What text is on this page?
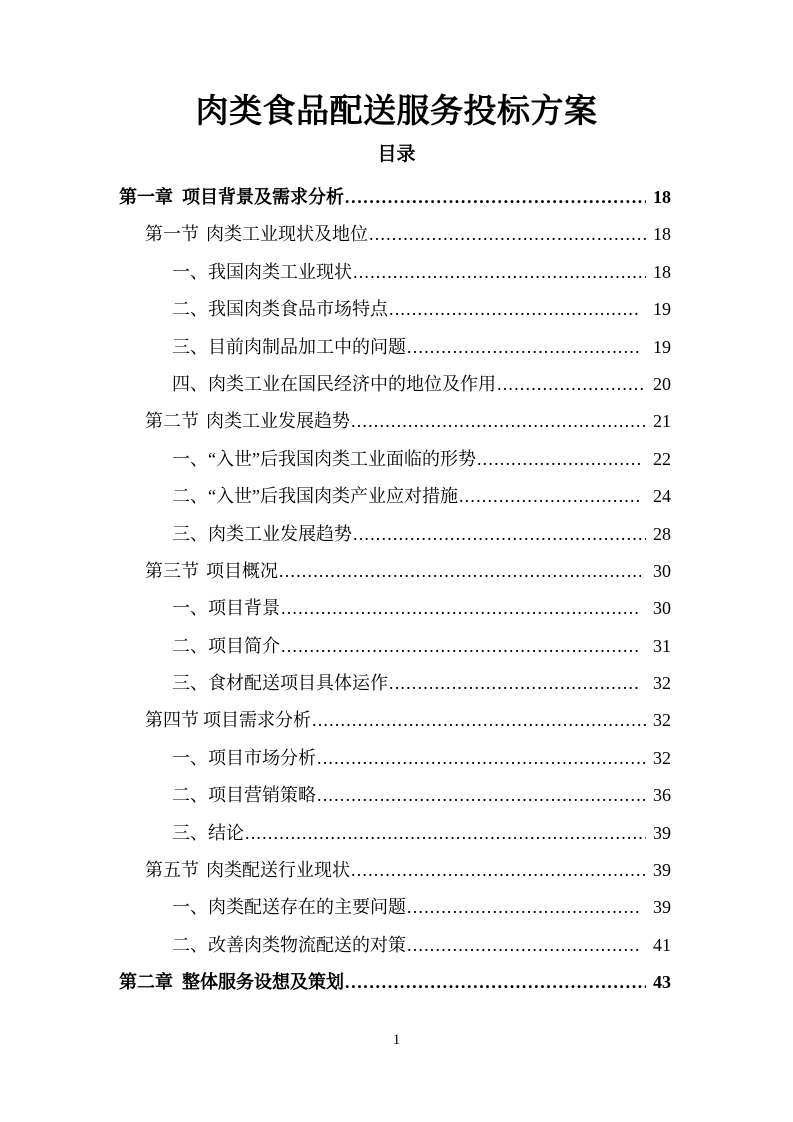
肉类食品配送服务投标方案
目录
第一章 项目背景及需求分析 .....	18
第一节 肉类工业现状及地位 .....	18
一、我国肉类工业现状 .....	18
二、我国肉类食品市场特点 .....	19
三、目前肉制品加工中的问题 .....	19
四、肉类工业在国民经济中的地位及作用 .....	20
第二节 肉类工业发展趋势 .....	21
一、“入世”后我国肉类工业面临的形势 .....	22
二、“入世”后我国肉类产业应对措施 .....	24
三、肉类工业发展趋势 .....	28
第三节 项目概况 .....	30
一、项目背景 .....	30
二、项目简介 .....	31
三、食材配送项目具体运作 .....	32
第四节 项目需求分析 .....	32
一、项目市场分析 .....	32
二、项目营销策略 .....	36
三、结论 .....	39
第五节 肉类配送行业现状 .....	39
一、肉类配送存在的主要问题 .....	39
二、改善肉类物流配送的对策 .....	41
第二章 整体服务设想及策划 .....	43
1
